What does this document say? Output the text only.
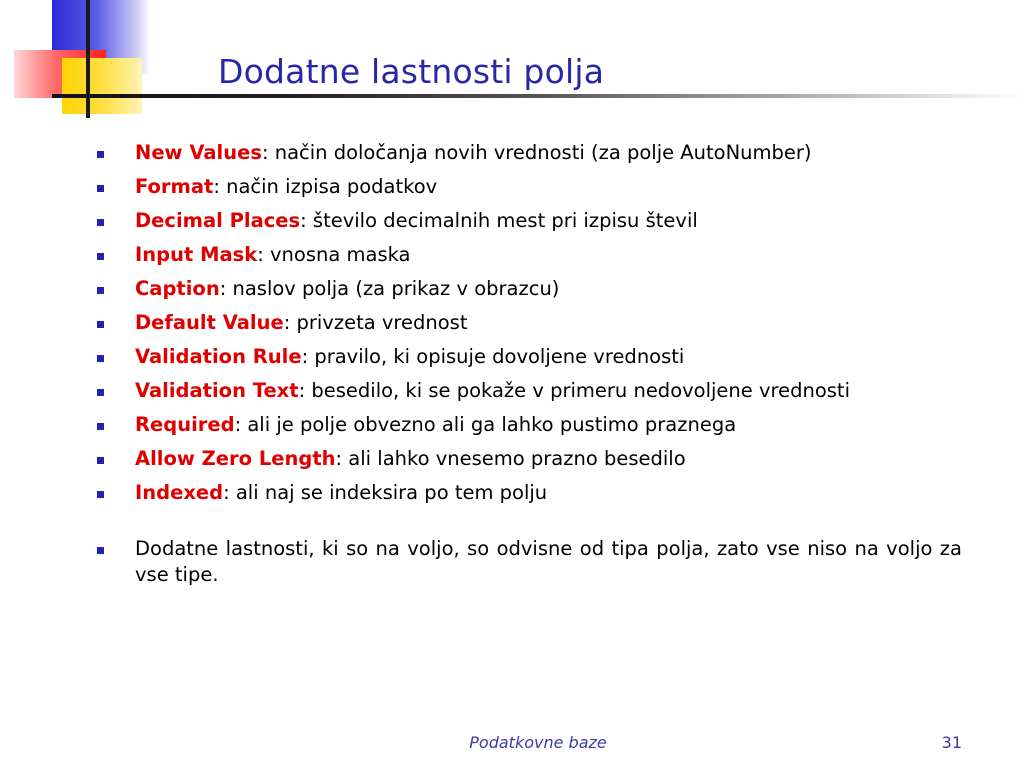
Dodatne lastnosti polja
New Values: način določanja novih vrednosti (za polje AutoNumber)
Format: način izpisa podatkov
Decimal Places: število decimalnih mest pri izpisu števil
Input Mask: vnosna maska
Caption: naslov polja (za prikaz v obrazcu)
Default Value: privzeta vrednost
Validation Rule: pravilo, ki opisuje dovoljene vrednosti
Validation Text: besedilo, ki se pokaže v primeru nedovoljene vrednosti
Required: ali je polje obvezno ali ga lahko pustimo praznega
Allow Zero Length: ali lahko vnesemo prazno besedilo
Indexed: ali naj se indeksira po tem polju
Dodatne lastnosti, ki so na voljo, so odvisne od tipa polja, zato vse niso na voljo za vse tipe.
Podatkovne baze	31
